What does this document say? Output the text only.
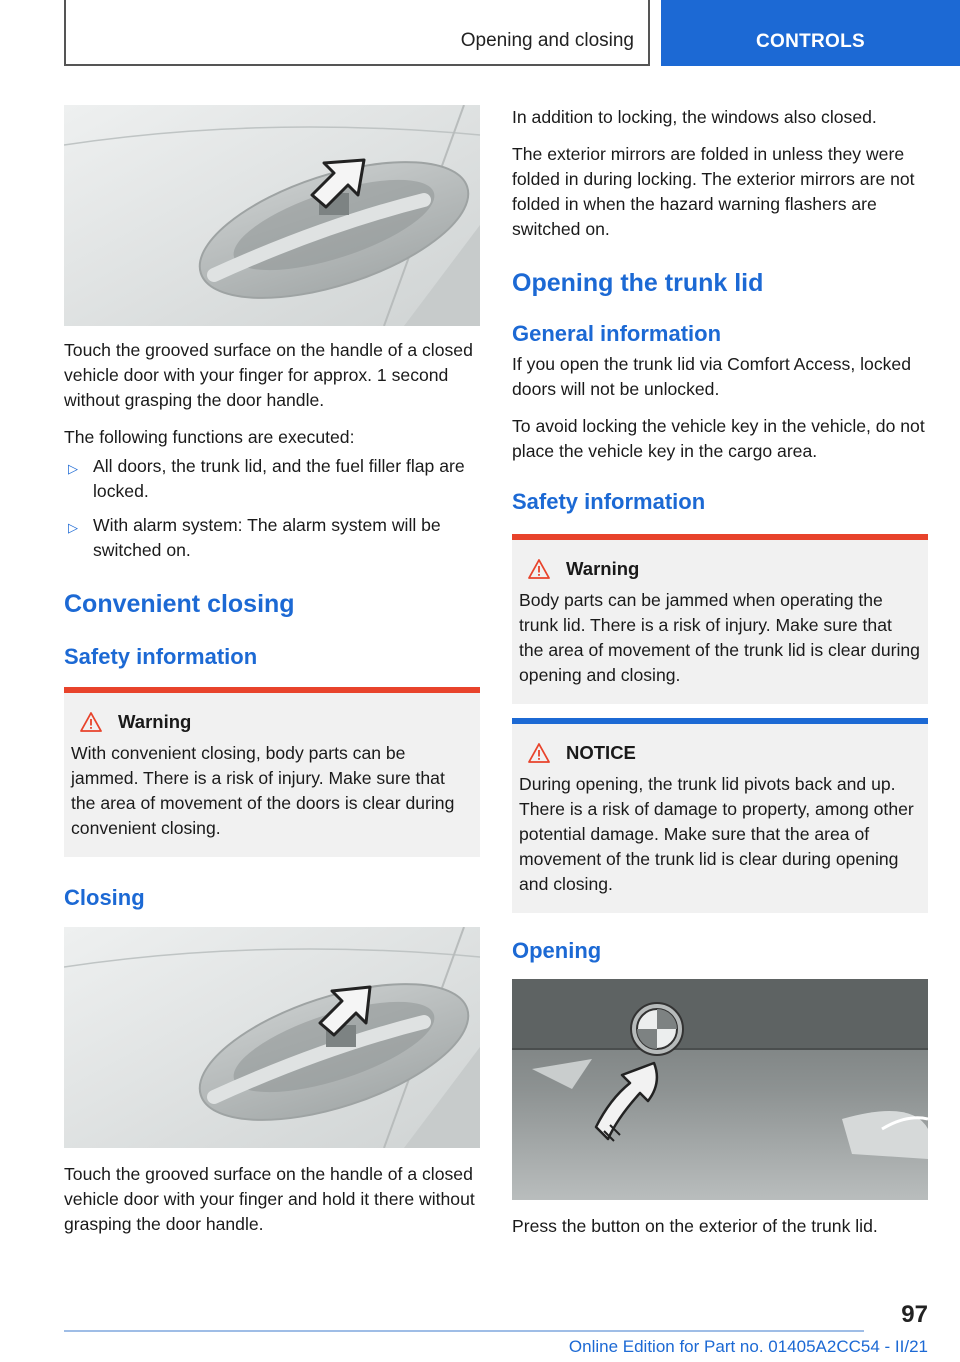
Opening and closing	CONTROLS

Touch the grooved surface on the handle of a closed vehicle door with your finger for approx. 1 second without grasping the door handle.

The following functions are executed:

▷ All doors, the trunk lid, and the fuel filler flap are locked.
▷ With alarm system: The alarm system will be switched on.
Convenient closing
Safety information
Warning

With convenient closing, body parts can be jammed. There is a risk of injury. Make sure that the area of movement of the doors is clear during convenient closing.

Closing

Touch the grooved surface on the handle of a closed vehicle door with your finger and hold it there without grasping the door handle.

In addition to locking, the windows also closed.

The exterior mirrors are folded in unless they were folded in during locking. The exterior mirrors are not folded in when the hazard warning flashers are switched on.

Opening the trunk lid
General information

If you open the trunk lid via Comfort Access, locked doors will not be unlocked.

To avoid locking the vehicle key in the vehicle, do not place the vehicle key in the cargo area.

Safety information
Warning

Body parts can be jammed when operating the trunk lid. There is a risk of injury. Make sure that the area of movement of the trunk lid is clear during opening and closing.

NOTICE

During opening, the trunk lid pivots back and up. There is a risk of damage to property, among other potential damage. Make sure that the area of movement of the trunk lid is clear during opening and closing.

Opening

Press the button on the exterior of the trunk lid.

97
Online Edition for Part no. 01405A2CC54 - II/21
